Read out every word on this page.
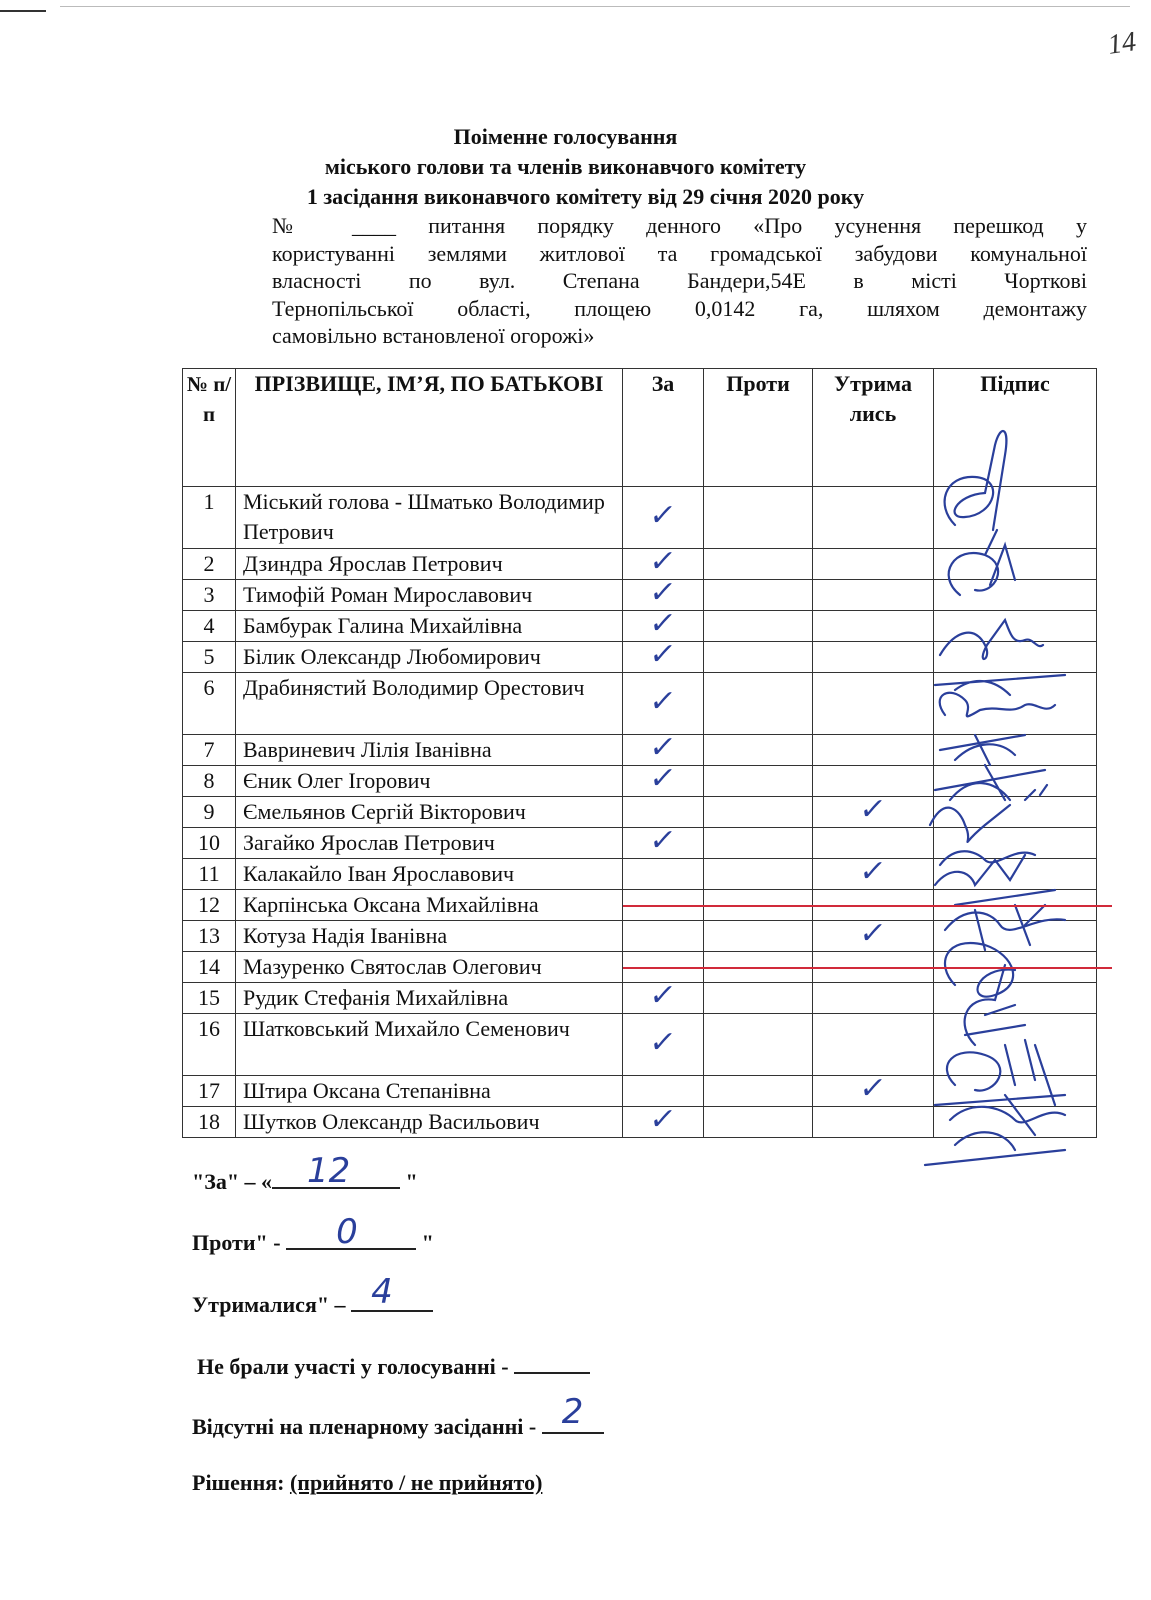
14
Поіменне голосування
міського голови та членів виконавчого комітету
1 засідання виконавчого комітету від 29 січня 2020 року
№ ____ питання порядку денного «Про усунення перешкод у
користуванні землями житлової та громадської забудови комунальної
власності по вул. Степана Бандери,54Е в місті Чорткові
Тернопільської області, площею 0,0142 га, шляхом демонтажу
самовільно встановленої огорожі»
№ п/ п	ПРІЗВИЩЕ, ІМ’Я, ПО БАТЬКОВІ	За	Проти	Утрима лись	Підпис
1	Міський голова - Шматько Володимир Петрович	✓			
2	Дзиндра Ярослав Петрович	✓			
3	Тимофій Роман Мирославович	✓			
4	Бамбурак Галина Михайлівна	✓			
5	Білик Олександр Любомирович	✓			
6	Драбинястий Володимир Орестович	✓			
7	Вавриневич Лілія Іванівна	✓			
8	Єник Олег Ігорович	✓			
9	Ємельянов Сергій Вікторович			✓	
10	Загайко Ярослав Петрович	✓			
11	Калакайло Іван Ярославович			✓	
12	Карпінська Оксана Михайлівна				
13	Котуза Надія Іванівна			✓	
14	Мазуренко Святослав Олегович				
15	Рудик Стефанія Михайлівна	✓			
16	Шатковський Михайло Семенович	✓			
17	Штира Оксана Степанівна			✓	
18	Шутков Олександр Васильович	✓			
"За" – « 12	"
Проти" - 0	"
Утрималися" – 4
Не брали участі у голосуванні -
Відсутні на пленарному засіданні - 2
Рішення: (прийнято / не прийнято)
